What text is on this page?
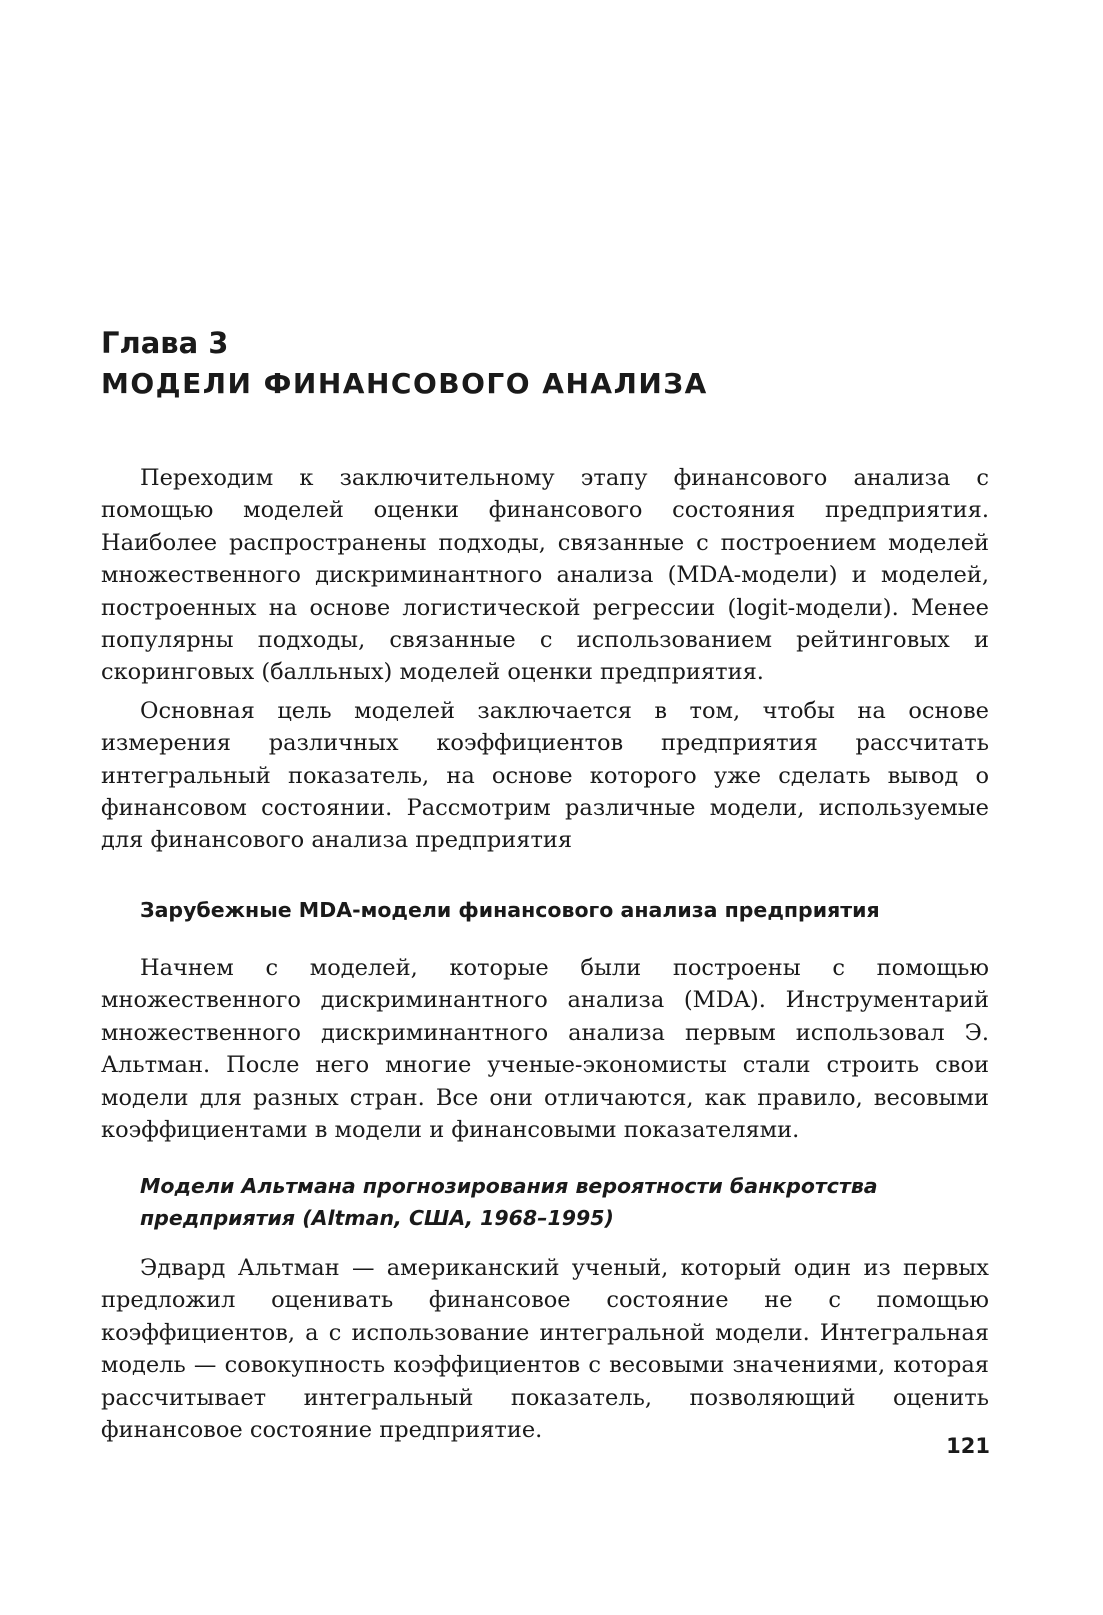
Глава 3
МОДЕЛИ ФИНАНСОВОГО АНАЛИЗА

Переходим к заключительному этапу финансового анализа с помощью моделей оценки финансового состояния предприятия. Наиболее распространены подходы, связанные с построением моделей множественного дискриминантного анализа (MDA-модели) и моделей, построенных на основе логистической регрессии (logit-модели). Менее популярны подходы, связанные с использованием рейтинговых и скоринговых (балльных) моделей оценки предприятия.

Основная цель моделей заключается в том, чтобы на основе измерения различных коэффициентов предприятия рассчитать интегральный показатель, на основе которого уже сделать вывод о финансовом состоянии. Рассмотрим различные модели, используемые для финансового анализа предприятия

Зарубежные MDA-модели финансового анализа предприятия

Начнем с моделей, которые были построены с помощью множественного дискриминантного анализа (MDA). Инструментарий множественного дискриминантного анализа первым использовал Э. Альтман. После него многие ученые-экономисты стали строить свои модели для разных стран. Все они отличаются, как правило, весовыми коэффициентами в модели и финансовыми показателями.

Модели Альтмана прогнозирования вероятности банкротства предприятия (Altman, США, 1968–1995)

Эдвард Альтман — американский ученый, который один из первых предложил оценивать финансовое состояние не с помощью коэффициентов, а с использование интегральной модели. Интегральная модель — совокупность коэффициентов с весовыми значениями, которая рассчитывает интегральный показатель, позволяющий оценить финансовое состояние предприятие.

121
